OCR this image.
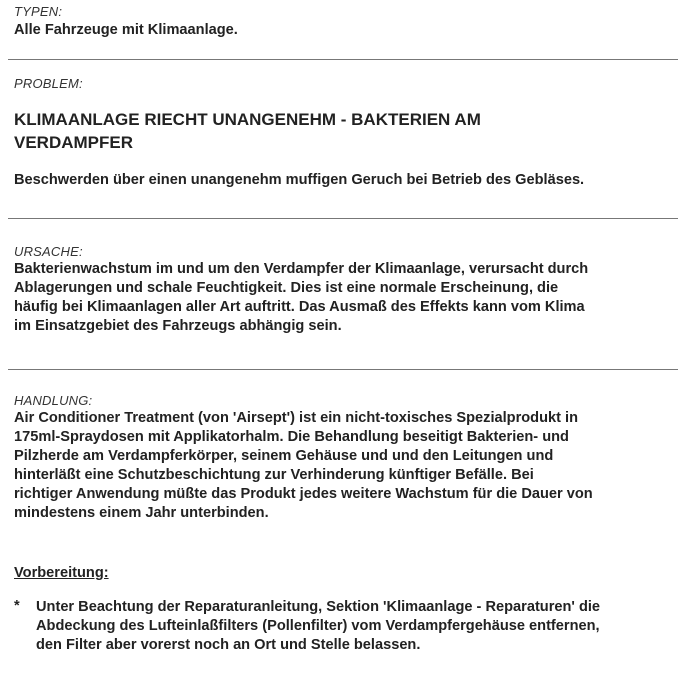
TYPEN:

Alle Fahrzeuge mit Klimaanlage.

PROBLEM:

KLIMAANLAGE RIECHT UNANGENEHM - BAKTERIEN AM

VERDAMPFER

Beschwerden über einen unangenehm muffigen Geruch bei Betrieb des Gebläses.

URSACHE:

Bakterienwachstum im und um den Verdampfer der Klimaanlage, verursacht durch

Ablagerungen und schale Feuchtigkeit. Dies ist eine normale Erscheinung, die

häufig bei Klimaanlagen aller Art auftritt. Das Ausmaß des Effekts kann vom Klima

im Einsatzgebiet des Fahrzeugs abhängig sein.

HANDLUNG:

Air Conditioner Treatment (von 'Airsept') ist ein nicht-toxisches Spezialprodukt in

175ml-Spraydosen mit Applikatorhalm. Die Behandlung beseitigt Bakterien- und

Pilzherde am Verdampferkörper, seinem Gehäuse und und den Leitungen und

hinterläßt eine Schutzbeschichtung zur Verhinderung künftiger Befälle. Bei

richtiger Anwendung müßte das Produkt jedes weitere Wachstum für die Dauer von

mindestens einem Jahr unterbinden.

Vorbereitung:

* Unter Beachtung der Reparaturanleitung, Sektion 'Klimaanlage - Reparaturen' die

Abdeckung des Lufteinlaßfilters (Pollenfilter) vom Verdampfergehäuse entfernen,

den Filter aber vorerst noch an Ort und Stelle belassen.
